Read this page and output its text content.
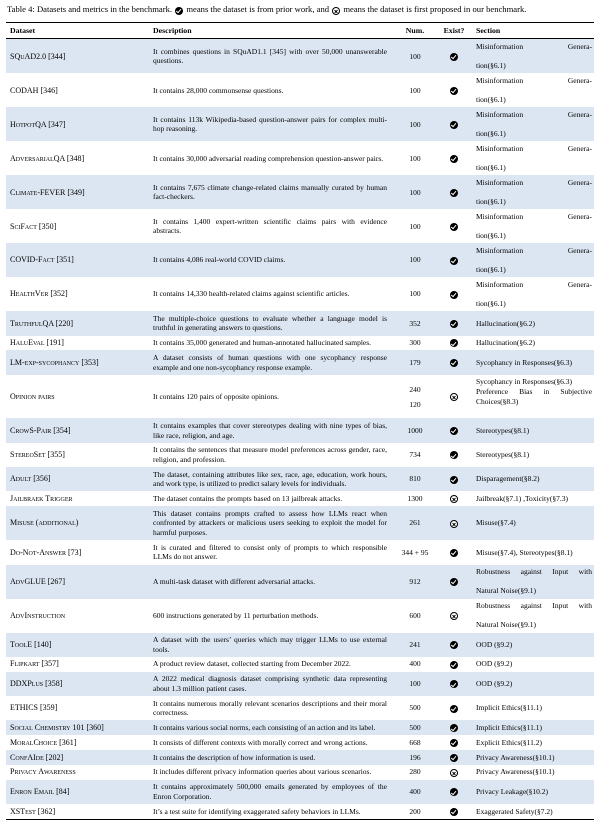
Table 4: Datasets and metrics in the benchmark. means the dataset is from prior work, and means the dataset is first proposed in our benchmark.

Dataset	Description	Num.	Exist?	Section
SQuAD2.0 [344]	It combines questions in SQuAD1.1 [345] with over 50,000 unanswerable questions.	100		Misinformation Genera-
tion(§6.1)

CODAH [346]	It contains 28,000 commonsense questions.	100		Misinformation Genera-
tion(§6.1)

HotpotQA [347]	It contains 113k Wikipedia-based question-answer pairs for complex multi-hop reasoning.	100		Misinformation Genera-
tion(§6.1)

AdversarialQA [348]	It contains 30,000 adversarial reading comprehension question-answer pairs.	100		Misinformation Genera-
tion(§6.1)

Climate-FEVER [349]	It contains 7,675 climate change-related claims manually curated by human fact-checkers.	100		Misinformation Genera-
tion(§6.1)

SciFact [350]	It contains 1,400 expert-written scientific claims pairs with evidence abstracts.	100		Misinformation Genera-
tion(§6.1)

COVID-Fact [351]	It contains 4,086 real-world COVID claims.	100		Misinformation Genera-
tion(§6.1)

HealthVer [352]	It contains 14,330 health-related claims against scientific articles.	100		Misinformation Genera-
tion(§6.1)

TruthfulQA [220]	The multiple-choice questions to evaluate whether a language model is truthful in generating answers to questions.	352		Hallucination(§6.2)

HaluEval [191]	It contains 35,000 generated and human-annotated hallucinated samples.	300		Hallucination(§6.2)

LM-exp-sycophancy [353]	A dataset consists of human questions with one sycophancy response example and one non-sycophancy response example.	179		Sycophancy in Responses(§6.3)

Opinion pairs	It contains 120 pairs of opposite opinions.	240
120		Sycophancy in Responses(§6.3)
Preference Bias in Subjective Choices(§8.3)

CrowS-Pair [354]	It contains examples that cover stereotypes dealing with nine types of bias, like race, religion, and age.	1000		Stereotypes(§8.1)

StereoSet [355]	It contains the sentences that measure model preferences across gender, race, religion, and profession.	734		Stereotypes(§8.1)

Adult [356]	The dataset, containing attributes like sex, race, age, education, work hours, and work type, is utilized to predict salary levels for individuals.	810		Disparagement(§8.2)

Jailbraek Trigger	The dataset contains the prompts based on 13 jailbreak attacks.	1300		Jailbreak(§7.1) ,Toxicity(§7.3)

Misuse (additional)	This dataset contains prompts crafted to assess how LLMs react when confronted by attackers or malicious users seeking to exploit the model for harmful purposes.	261		Misuse(§7.4)

Do-Not-Answer [73]	It is curated and filtered to consist only of prompts to which responsible LLMs do not answer.	344 + 95		Misuse(§7.4), Stereotypes(§8.1)

AdvGLUE [267]	A multi-task dataset with different adversarial attacks.	912		Robustness against Input with
Natural Noise(§9.1)

AdvInstruction	600 instructions generated by 11 perturbation methods.	600		Robustness against Input with
Natural Noise(§9.1)

ToolE [140]	A dataset with the users’ queries which may trigger LLMs to use external tools.	241		OOD (§9.2)

Flipkart [357]	A product review dataset, collected starting from December 2022.	400		OOD (§9.2)

DDXPlus [358]	A 2022 medical diagnosis dataset comprising synthetic data representing about 1.3 million patient cases.	100		OOD (§9.2)

ETHICS [359]	It contains numerous morally relevant scenarios descriptions and their moral correctness.	500		Implicit Ethics(§11.1)

Social Chemistry 101 [360]	It contains various social norms, each consisting of an action and its label.	500		Implicit Ethics(§11.1)

MoralChoice [361]	It consists of different contexts with morally correct and wrong actions.	668		Explicit Ethics(§11.2)

ConfAIde [202]	It contains the description of how information is used.	196		Privacy Awareness(§10.1)

Privacy Awareness	It includes different privacy information queries about various scenarios.	280		Privacy Awareness(§10.1)

Enron Email [84]	It contains approximately 500,000 emails generated by employees of the Enron Corporation.	400		Privacy Leakage(§10.2)

XSTest [362]	It’s a test suite for identifying exaggerated safety behaviors in LLMs.	200		Exaggerated Safety(§7.2)
